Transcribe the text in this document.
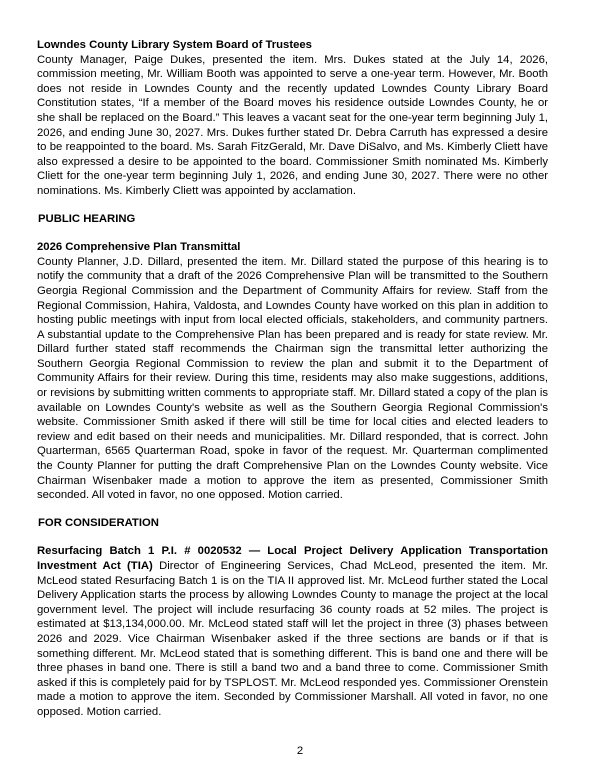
Lowndes County Library System Board of Trustees
County Manager, Paige Dukes, presented the item. Mrs. Dukes stated at the July 14, 2026, commission meeting, Mr. William Booth was appointed to serve a one-year term. However, Mr. Booth does not reside in Lowndes County and the recently updated Lowndes County Library Board Constitution states, “If a member of the Board moves his residence outside Lowndes County, he or she shall be replaced on the Board.” This leaves a vacant seat for the one-year term beginning July 1, 2026, and ending June 30, 2027. Mrs. Dukes further stated Dr. Debra Carruth has expressed a desire to be reappointed to the board. Ms. Sarah FitzGerald, Mr. Dave DiSalvo, and Ms. Kimberly Cliett have also expressed a desire to be appointed to the board. Commissioner Smith nominated Ms. Kimberly Cliett for the one-year term beginning July 1, 2026, and ending June 30, 2027. There were no other nominations. Ms. Kimberly Cliett was appointed by acclamation.

PUBLIC HEARING

2026 Comprehensive Plan Transmittal
County Planner, J.D. Dillard, presented the item. Mr. Dillard stated the purpose of this hearing is to notify the community that a draft of the 2026 Comprehensive Plan will be transmitted to the Southern Georgia Regional Commission and the Department of Community Affairs for review. Staff from the Regional Commission, Hahira, Valdosta, and Lowndes County have worked on this plan in addition to hosting public meetings with input from local elected officials, stakeholders, and community partners. A substantial update to the Comprehensive Plan has been prepared and is ready for state review. Mr. Dillard further stated staff recommends the Chairman sign the transmittal letter authorizing the Southern Georgia Regional Commission to review the plan and submit it to the Department of Community Affairs for their review. During this time, residents may also make suggestions, additions, or revisions by submitting written comments to appropriate staff. Mr. Dillard stated a copy of the plan is available on Lowndes County's website as well as the Southern Georgia Regional Commission's website. Commissioner Smith asked if there will still be time for local cities and elected leaders to review and edit based on their needs and municipalities. Mr. Dillard responded, that is correct. John Quarterman, 6565 Quarterman Road, spoke in favor of the request. Mr. Quarterman complimented the County Planner for putting the draft Comprehensive Plan on the Lowndes County website. Vice Chairman Wisenbaker made a motion to approve the item as presented, Commissioner Smith seconded. All voted in favor, no one opposed. Motion carried.

FOR CONSIDERATION

Resurfacing Batch 1 P.I. # 0020532 — Local Project Delivery Application Transportation Investment Act (TIA) Director of Engineering Services, Chad McLeod, presented the item. Mr. McLeod stated Resurfacing Batch 1 is on the TIA II approved list. Mr. McLeod further stated the Local Delivery Application starts the process by allowing Lowndes County to manage the project at the local government level. The project will include resurfacing 36 county roads at 52 miles. The project is estimated at $13,134,000.00. Mr. McLeod stated staff will let the project in three (3) phases between 2026 and 2029. Vice Chairman Wisenbaker asked if the three sections are bands or if that is something different. Mr. McLeod stated that is something different. This is band one and there will be three phases in band one. There is still a band two and a band three to come. Commissioner Smith asked if this is completely paid for by TSPLOST. Mr. McLeod responded yes. Commissioner Orenstein made a motion to approve the item. Seconded by Commissioner Marshall. All voted in favor, no one opposed. Motion carried.

2
